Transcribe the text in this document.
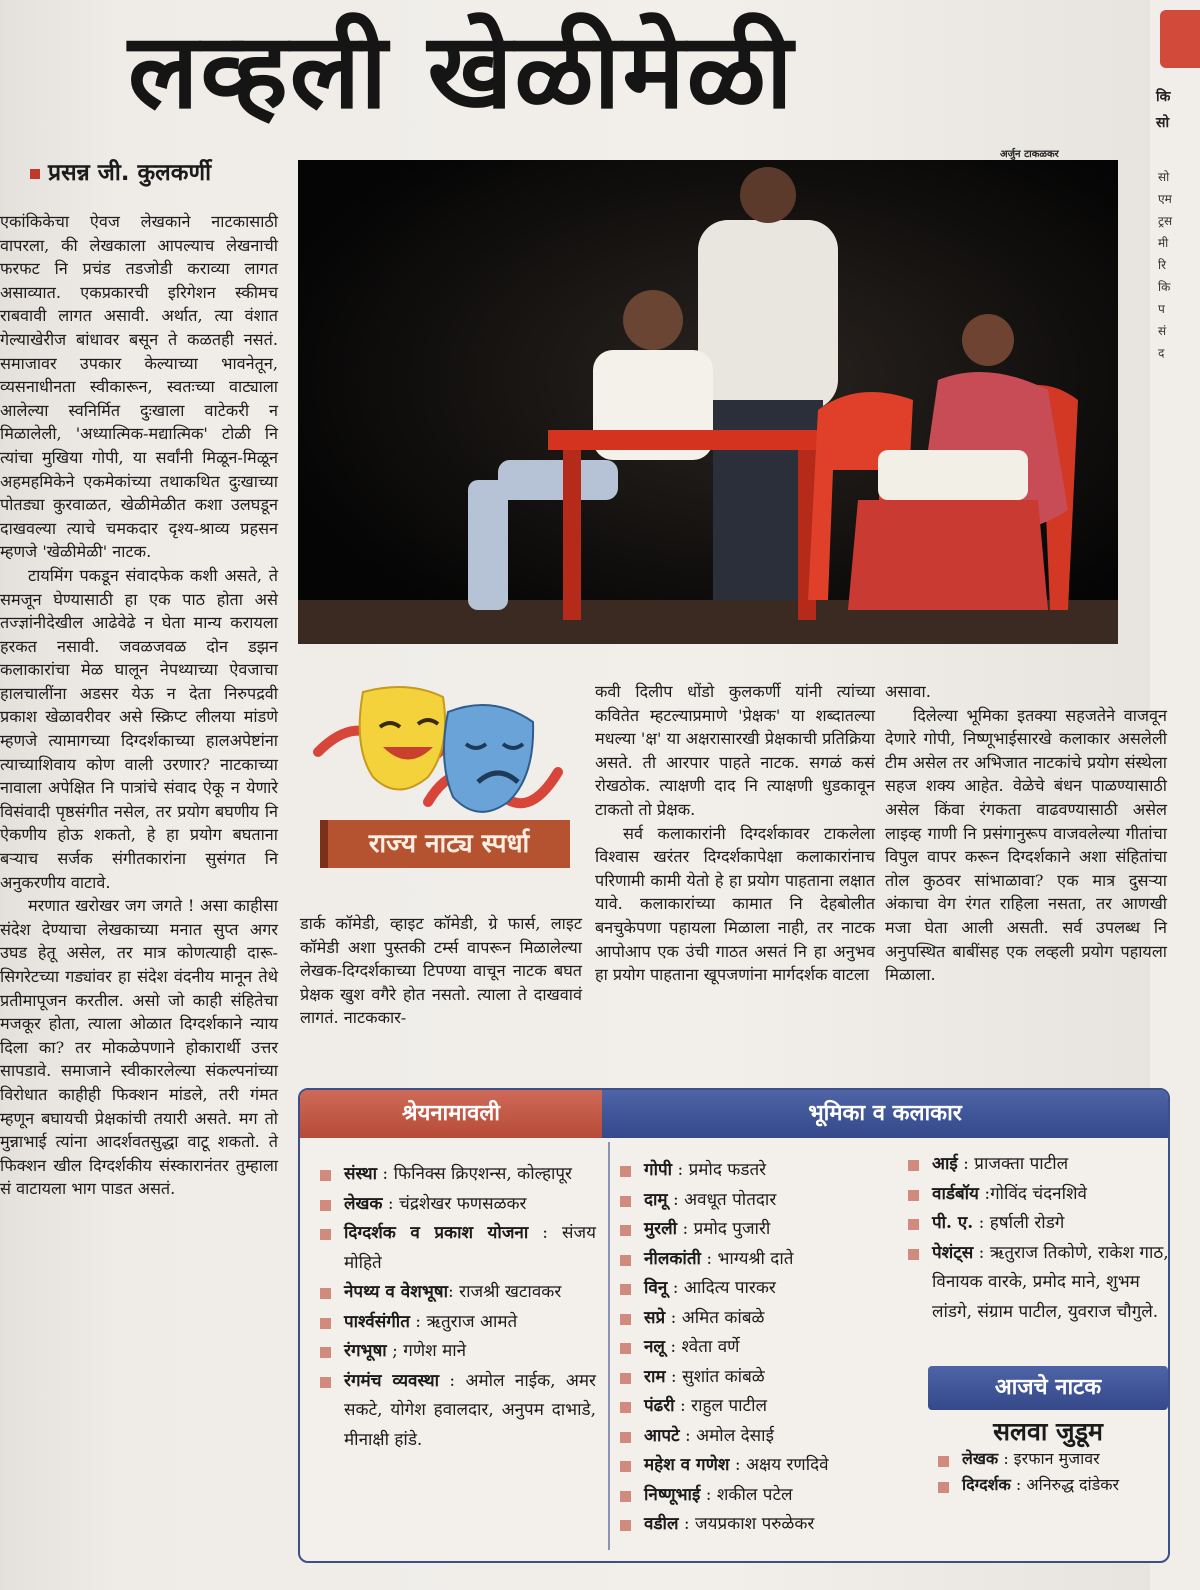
कि
सो
सो
एम
ट्रस
मी
रि
कि
प
सं
द
लव्हली खेळीमेळी
प्रसन्न जी. कुलकर्णी
अर्जुन टाकळकर

एकांकिकेचा ऐवज लेखकाने नाटकासाठी वापरला, की लेखकाला आपल्याच लेखनाची फरफट नि प्रचंड तडजोडी कराव्या लागत असाव्यात. एकप्रकारची इरिगेशन स्कीमच राबवावी लागत असावी. अर्थात, त्या वंशात गेल्याखेरीज बांधावर बसून ते कळतही नसतं. समाजावर उपकार केल्याच्या भावनेतून, व्यसनाधीनता स्वीकारून, स्वतःच्या वाट्याला आलेल्या स्वनिर्मित दुःखाला वाटेकरी न मिळालेली, 'अध्यात्मिक-मद्यात्मिक' टोळी नि त्यांचा मुखिया गोपी, या सर्वांनी मिळून-मिळून अहमहमिकेने एकमेकांच्या तथाकथित दुःखाच्या पोतड्या कुरवाळत, खेळीमेळीत कशा उलघडून दाखवल्या त्याचे चमकदार दृश्य-श्राव्य प्रहसन म्हणजे 'खेळीमेळी' नाटक.

टायमिंग पकडून संवादफेक कशी असते, ते समजून घेण्यासाठी हा एक पाठ होता असे तज्ज्ञांनीदेखील आढेवेढे न घेता मान्य करायला हरकत नसावी. जवळजवळ दोन डझन कलाकारांचा मेळ घालून नेपथ्याच्या ऐवजाचा हालचालींना अडसर येऊ न देता निरुपद्रवी प्रकाश खेळावरीवर असे स्क्रिप्ट लीलया मांडणे म्हणजे त्यामागच्या दिग्दर्शकाच्या हालअपेष्टांना त्याच्याशिवाय कोण वाली उरणार? नाटकाच्या नावाला अपेक्षित नि पात्रांचे संवाद ऐकू न येणारे विसंवादी पृष्ठसंगीत नसेल, तर प्रयोग बघणीय नि ऐकणीय होऊ शकतो, हे हा प्रयोग बघताना बऱ्याच सर्जक संगीतकारांना सुसंगत नि अनुकरणीय वाटावे.

मरणात खरोखर जग जगते ! असा काहीसा संदेश देण्याचा लेखकाच्या मनात सुप्त अगर उघड हेतू असेल, तर मात्र कोणत्याही दारू-सिगरेटच्या गड्यांवर हा संदेश वंदनीय मानून तेथे प्रतीमापूजन करतील. असो जो काही संहितेचा मजकूर होता, त्याला ओळात दिग्दर्शकाने न्याय दिला का? तर मोकळेपणाने होकारार्थी उत्तर सापडावे. समाजाने स्वीकारलेल्या संकल्पनांच्या विरोधात काहीही फिक्शन मांडले, तरी गंमत म्हणून बघायची प्रेक्षकांची तयारी असते. मग तो मुन्नाभाई त्यांना आदर्शवतसुद्धा वाटू शकतो. ते फिक्शन खील दिग्दर्शकीय संस्कारानंतर तुम्हाला सं वाटायला भाग पाडत असतं.

राज्य नाट्य स्पर्धा

डार्क कॉमेडी, व्हाइट कॉमेडी, ग्रे फार्स, लाइट कॉमेडी अशा पुस्तकी टर्म्स वापरून मिळालेल्या लेखक-दिग्दर्शकाच्या टिपण्या वाचून नाटक बघत प्रेक्षक खुश वगैरे होत नसतो. त्याला ते दाखवावं लागतं. नाटककार-

कवी दिलीप धोंडो कुलकर्णी यांनी त्यांच्या कवितेत म्हटल्याप्रमाणे 'प्रेक्षक' या शब्दातल्या मधल्या 'क्ष' या अक्षरासारखी प्रेक्षकाची प्रतिक्रिया असते. ती आरपार पाहते नाटक. सगळं कसं रोखठोक. त्याक्षणी दाद नि त्याक्षणी धुडकावून टाकतो तो प्रेक्षक.

सर्व कलाकारांनी दिग्दर्शकावर टाकलेला विश्वास खरंतर दिग्दर्शकापेक्षा कलाकारांनाच परिणामी कामी येतो हे हा प्रयोग पाहताना लक्षात यावे. कलाकारांच्या कामात नि देहबोलीत बनचुकेपणा पहायला मिळाला नाही, तर नाटक आपोआप एक उंची गाठत असतं नि हा अनुभव हा प्रयोग पाहताना खूपजणांना मार्गदर्शक वाटला

असावा.

दिलेल्या भूमिका इतक्या सहजतेने वाजवून देणारे गोपी, निष्णूभाईसारखे कलाकार असलेली टीम असेल तर अभिजात नाटकांचे प्रयोग संस्थेला सहज शक्य आहेत. वेळेचे बंधन पाळण्यासाठी असेल किंवा रंगकता वाढवण्यासाठी असेल लाइव्ह गाणी नि प्रसंगानुरूप वाजवलेल्या गीतांचा विपुल वापर करून दिग्दर्शकाने अशा संहितांचा तोल कुठवर सांभाळावा? एक मात्र दुसऱ्या अंकाचा वेग रंगत राहिला नसता, तर आणखी मजा घेता आली असती. सर्व उपलब्ध नि अनुपस्थित बाबींसह एक लव्हली प्रयोग पहायला मिळाला.

श्रेयनामावली	भूमिका व कलाकार
संस्था : फिनिक्स क्रिएशन्स, कोल्हापूर
लेखक : चंद्रशेखर फणसळकर
दिग्दर्शक व प्रकाश योजना : संजय मोहिते
नेपथ्य व वेशभूषा: राजश्री खटावकर
पार्श्वसंगीत : ऋतुराज आमते
रंगभूषा ; गणेश माने
रंगमंच व्यवस्था : अमोल नाईक, अमर सकटे, योगेश हवालदार, अनुपम दाभाडे, मीनाक्षी हांडे.
गोपी : प्रमोद फडतरे
दामू : अवधूत पोतदार
मुरली : प्रमोद पुजारी
नीलकांती : भाग्यश्री दाते
विनू : आदित्य पारकर
सप्रे : अमित कांबळे
नलू : श्वेता वर्णे
राम : सुशांत कांबळे
पंढरी : राहुल पाटील
आपटे : अमोल देसाई
महेश व गणेश : अक्षय रणदिवे
निष्णूभाई : शकील पटेल
वडील : जयप्रकाश परुळेकर
आई : प्राजक्ता पाटील
वार्डबॉय :गोविंद चंदनशिवे
पी. ए. : हर्षाली रोडगे
पेशंट्स : ऋतुराज तिकोणे, राकेश गाठ, विनायक वारके, प्रमोद माने, शुभम लांडगे, संग्राम पाटील, युवराज चौगुले.
आजचे नाटक
सलवा जुडूम
लेखक : इरफान मुजावर
दिग्दर्शक : अनिरुद्ध दांडेकर
